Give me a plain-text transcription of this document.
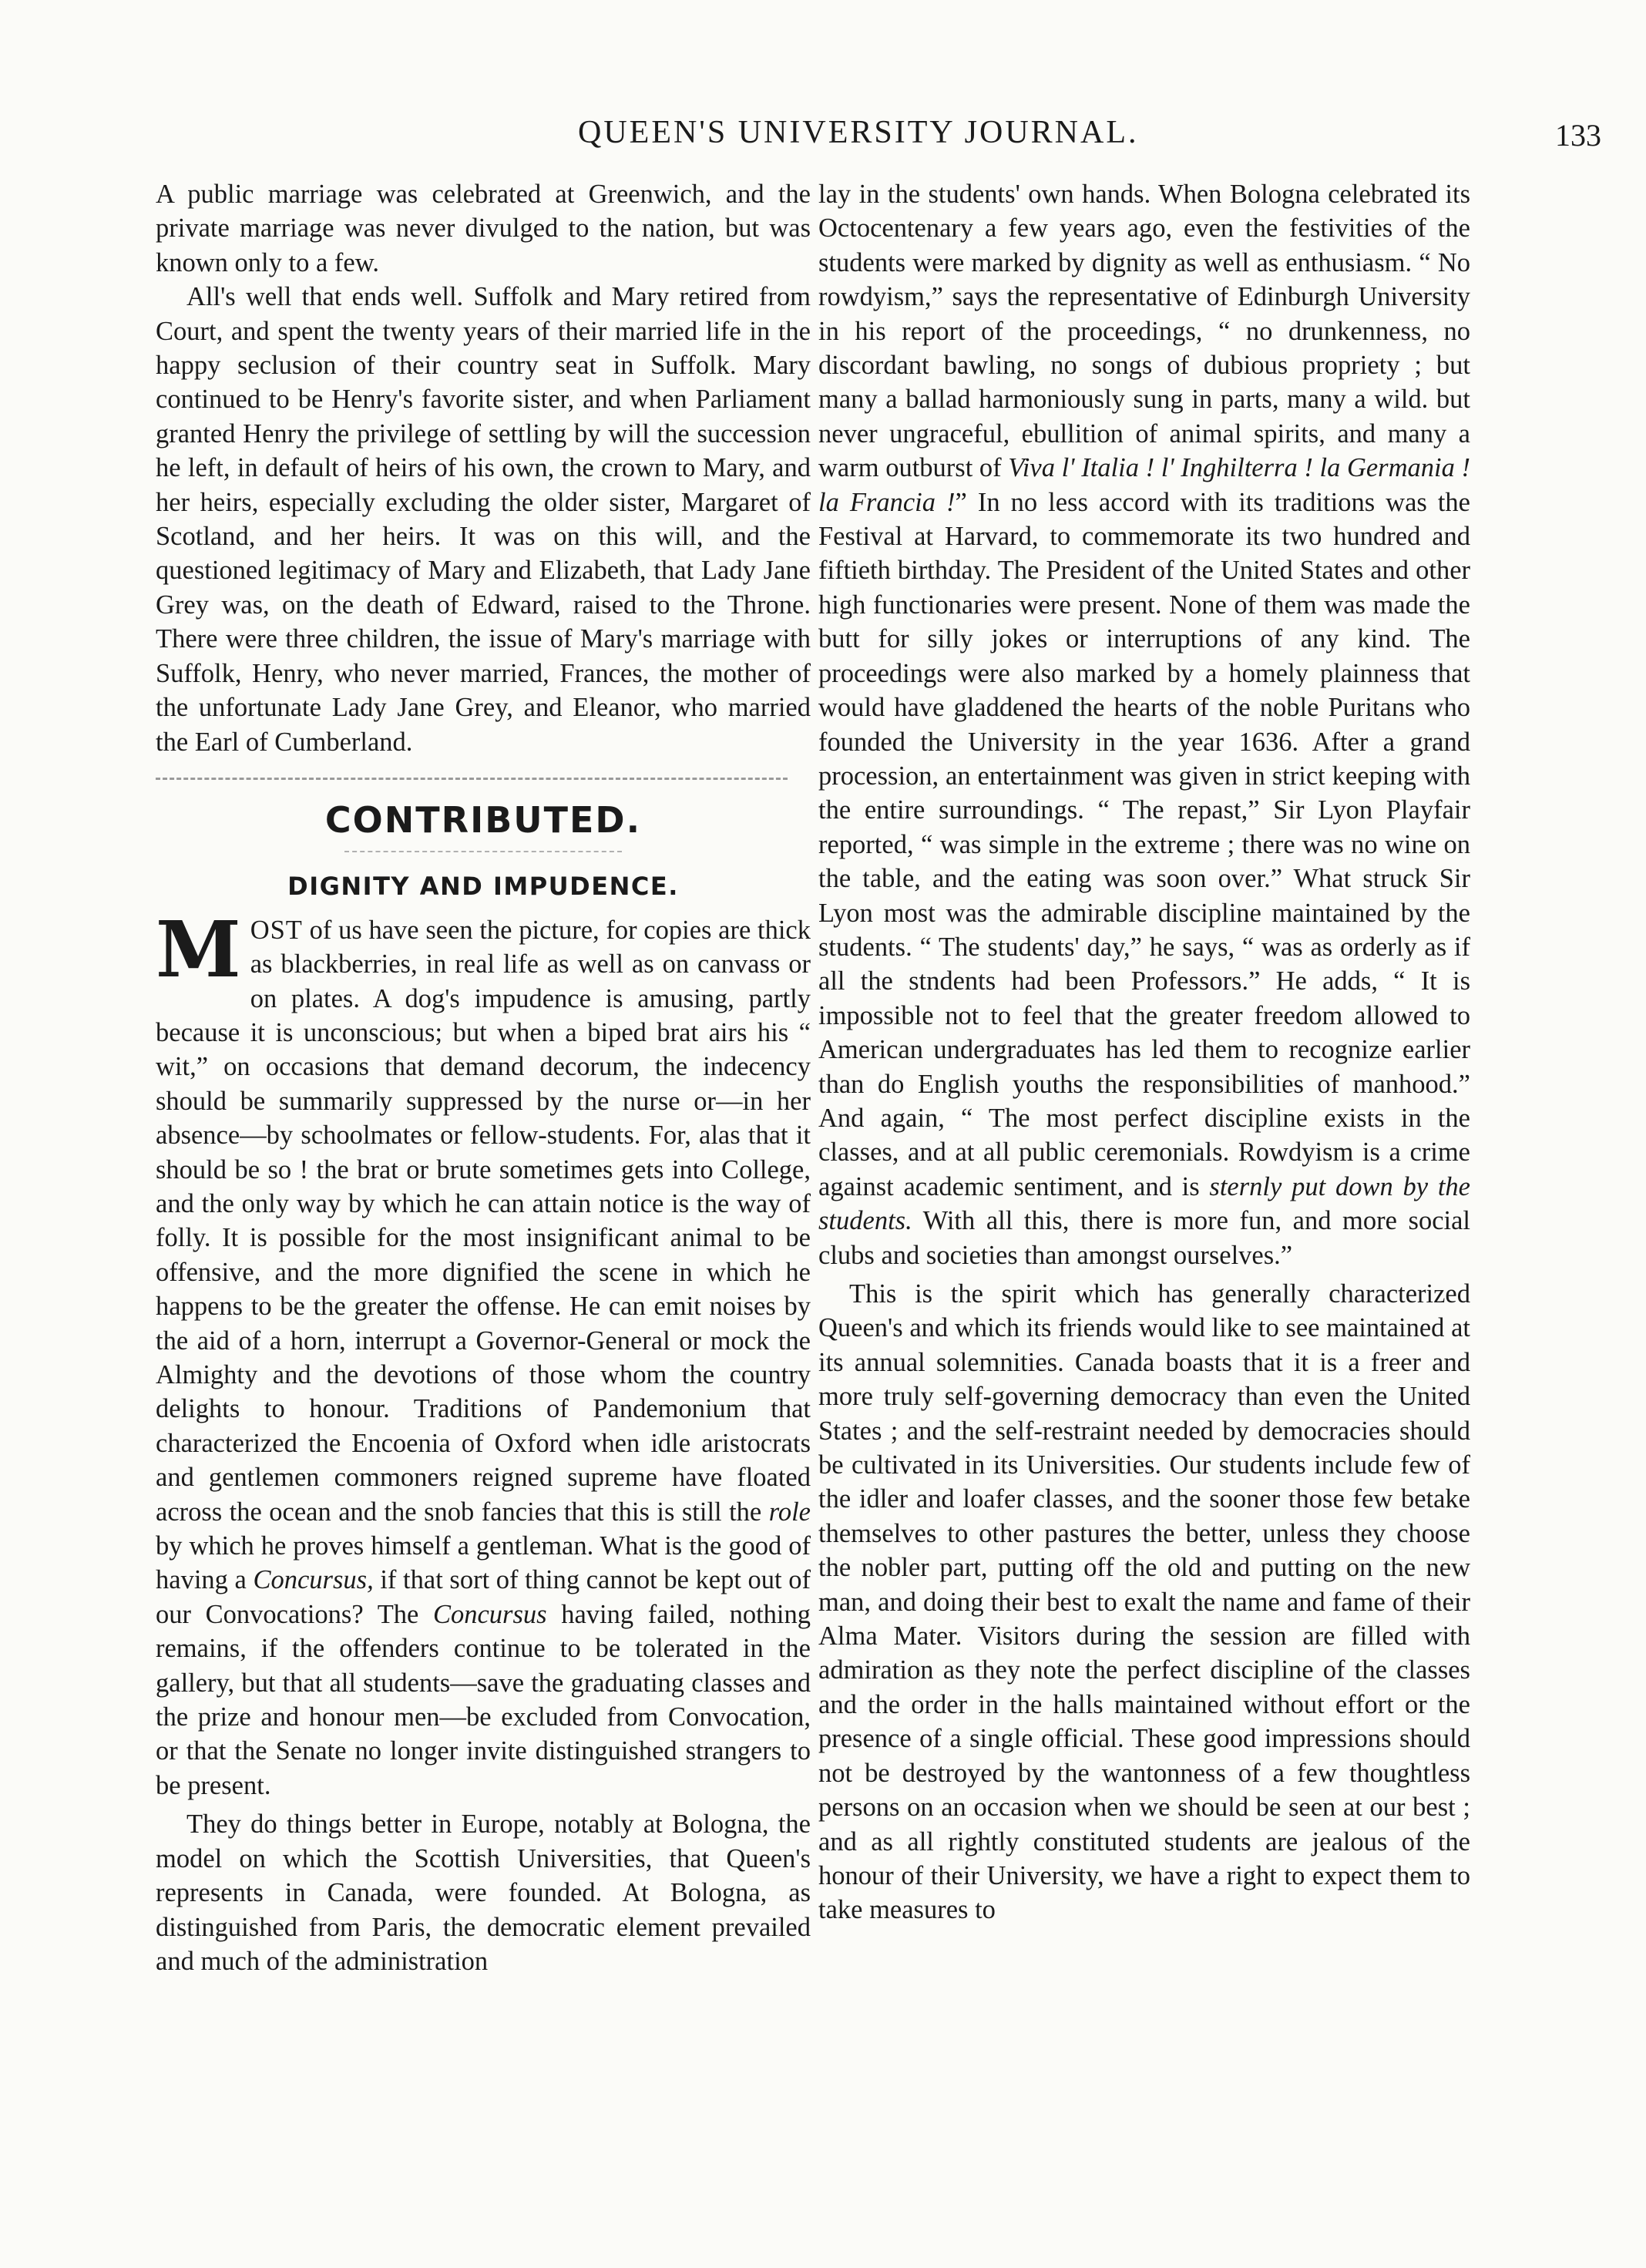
QUEEN'S UNIVERSITY JOURNAL.	133

A public marriage was celebrated at Greenwich, and the private marriage was never divulged to the nation, but was known only to a few.

All's well that ends well. Suffolk and Mary retired from Court, and spent the twenty years of their married life in the happy seclusion of their country seat in Suffolk. Mary continued to be Henry's favorite sister, and when Parliament granted Henry the privilege of settling by will the succession he left, in default of heirs of his own, the crown to Mary, and her heirs, especially excluding the older sister, Margaret of Scotland, and her heirs. It was on this will, and the questioned legitimacy of Mary and Elizabeth, that Lady Jane Grey was, on the death of Edward, raised to the Throne. There were three children, the issue of Mary's marriage with Suffolk, Henry, who never married, Frances, the mother of the unfortunate Lady Jane Grey, and Eleanor, who married the Earl of Cumberland.

CONTRIBUTED.
DIGNITY AND IMPUDENCE.

MOST of us have seen the picture, for copies are thick as blackberries, in real life as well as on canvass or on plates. A dog's impudence is amusing, partly because it is unconscious; but when a biped brat airs his “ wit,” on occasions that demand decorum, the indecency should be summarily suppressed by the nurse or—in her absence—by schoolmates or fellow-students. For, alas that it should be so ! the brat or brute sometimes gets into College, and the only way by which he can attain notice is the way of folly. It is possible for the most insignificant animal to be offensive, and the more dignified the scene in which he happens to be the greater the offense. He can emit noises by the aid of a horn, interrupt a Governor-General or mock the Almighty and the devotions of those whom the country delights to honour. Traditions of Pandemonium that characterized the Encoenia of Oxford when idle aristocrats and gentlemen commoners reigned supreme have floated across the ocean and the snob fancies that this is still the role by which he proves himself a gentleman. What is the good of having a Concursus, if that sort of thing cannot be kept out of our Convocations? The Concursus having failed, nothing remains, if the offenders continue to be tolerated in the gallery, but that all students—save the graduating classes and the prize and honour men—be excluded from Convocation, or that the Senate no longer invite distinguished strangers to be present.

They do things better in Europe, notably at Bologna, the model on which the Scottish Universities, that Queen's represents in Canada, were founded. At Bologna, as distinguished from Paris, the democratic element prevailed and much of the administration

lay in the students' own hands. When Bologna celebrated its Octocentenary a few years ago, even the festivities of the students were marked by dignity as well as enthusiasm. “ No rowdyism,” says the representative of Edinburgh University in his report of the proceedings, “ no drunkenness, no discordant bawling, no songs of dubious propriety ; but many a ballad harmoniously sung in parts, many a wild. but never ungraceful, ebullition of animal spirits, and many a warm outburst of Viva l' Italia ! l' Inghilterra ! la Germania ! la Francia !” In no less accord with its traditions was the Festival at Harvard, to commemorate its two hundred and fiftieth birthday. The President of the United States and other high functionaries were present. None of them was made the butt for silly jokes or interruptions of any kind. The proceedings were also marked by a homely plainness that would have gladdened the hearts of the noble Puritans who founded the University in the year 1636. After a grand procession, an entertainment was given in strict keeping with the entire surroundings. “ The repast,” Sir Lyon Playfair reported, “ was simple in the extreme ; there was no wine on the table, and the eating was soon over.” What struck Sir Lyon most was the admirable discipline maintained by the students. “ The students' day,” he says, “ was as orderly as if all the stndents had been Professors.” He adds, “ It is impossible not to feel that the greater freedom allowed to American undergraduates has led them to recognize earlier than do English youths the responsibilities of manhood.” And again, “ The most perfect discipline exists in the classes, and at all public ceremonials. Rowdyism is a crime against academic sentiment, and is sternly put down by the students. With all this, there is more fun, and more social clubs and societies than amongst ourselves.”

This is the spirit which has generally characterized Queen's and which its friends would like to see maintained at its annual solemnities. Canada boasts that it is a freer and more truly self-governing democracy than even the United States ; and the self-restraint needed by democracies should be cultivated in its Universities. Our students include few of the idler and loafer classes, and the sooner those few betake themselves to other pastures the better, unless they choose the nobler part, putting off the old and putting on the new man, and doing their best to exalt the name and fame of their Alma Mater. Visitors during the session are filled with admiration as they note the perfect discipline of the classes and the order in the halls maintained without effort or the presence of a single official. These good impressions should not be destroyed by the wantonness of a few thoughtless persons on an occasion when we should be seen at our best ; and as all rightly constituted students are jealous of the honour of their University, we have a right to expect them to take measures to
